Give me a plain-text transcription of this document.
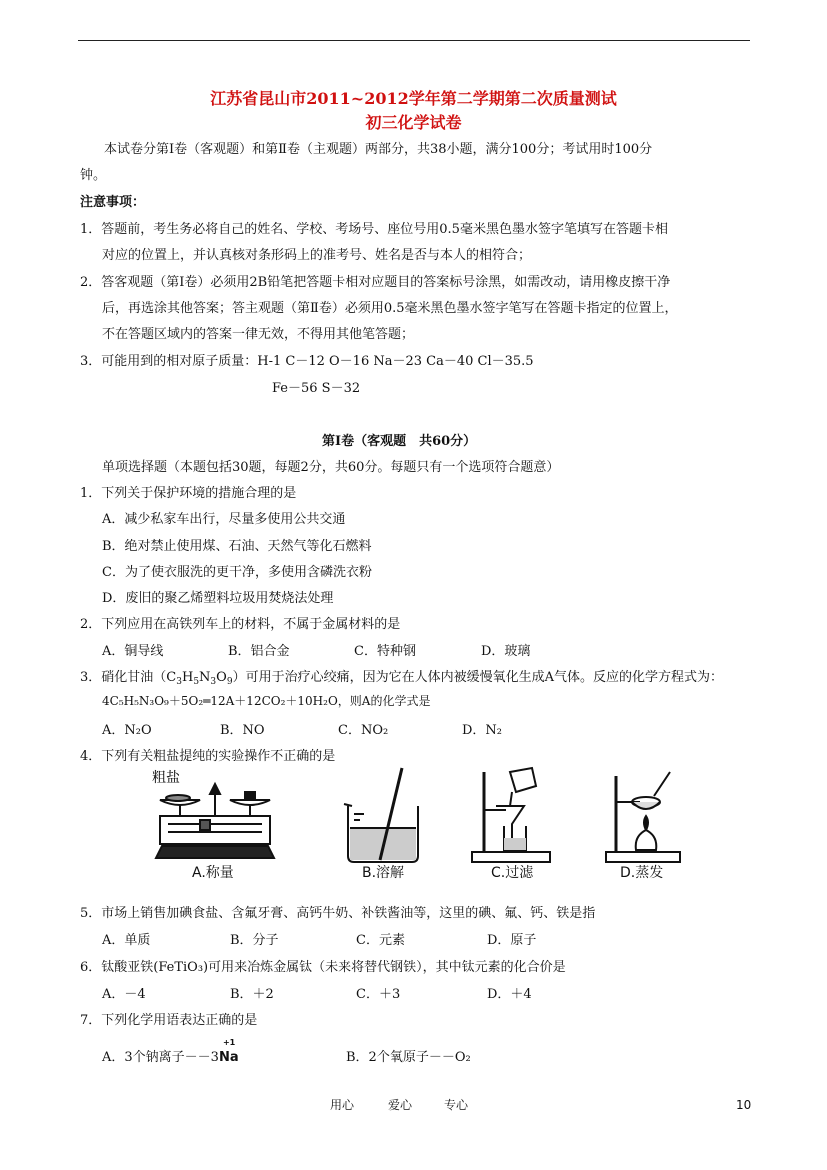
江苏省昆山市2011~2012学年第二学期第二次质量测试
初三化学试卷
本试卷分第Ⅰ卷（客观题）和第Ⅱ卷（主观题）两部分，共38小题，满分100分；考试用时100分
钟。
注意事项：
1．答题前，考生务必将自己的姓名、学校、考场号、座位号用0.5毫米黑色墨水签字笔填写在答题卡相
对应的位置上，并认真核对条形码上的准考号、姓名是否与本人的相符合；
2．答客观题（第Ⅰ卷）必须用2B铅笔把答题卡相对应题目的答案标号涂黑，如需改动，请用橡皮擦干净
后，再选涂其他答案；答主观题（第Ⅱ卷）必须用0.5毫米黑色墨水签字笔写在答题卡指定的位置上，
不在答题区域内的答案一律无效，不得用其他笔答题；
3．可能用到的相对原子质量：H-1 C－12 O－16 Na－23 Ca－40 Cl－35.5
Fe－56 S－32
第Ⅰ卷（客观题　共60分）
单项选择题（本题包括30题，每题2分，共60分。每题只有一个选项符合题意）
1．下列关于保护环境的措施合理的是
A．减少私家车出行，尽量多使用公共交通
B．绝对禁止使用煤、石油、天然气等化石燃料
C．为了使衣服洗的更干净，多使用含磷洗衣粉
D．废旧的聚乙烯塑料垃圾用焚烧法处理
2．下列应用在高铁列车上的材料，不属于金属材料的是
A．铜导线	B．铝合金	C．特种钢	D．玻璃
3．硝化甘油$(C_3H_5N_3O_9)$可用于治疗心绞痛，因为它在人体内被缓慢氧化生成A气体。反应的化学方程式为：
4C₅H₅N₃O₉＋5O₂═12A＋12CO₂＋10H₂O，则A的化学式是
A．N₂O	B．NO	C．NO₂	D．N₂
4．下列有关粗盐提纯的实验操作不正确的是
粗盐
A.称量	B.溶解	C.过滤	D.蒸发
5．市场上销售加碘食盐、含氟牙膏、高钙牛奶、补铁酱油等，这里的碘、氟、钙、铁是指
A．单质	B．分子	C．元素	D．原子
6．钛酸亚铁(FeTiO₃)可用来冶炼金属钛（未来将替代钢铁），其中钛元素的化合价是
A．－4	B．＋2	C．＋3	D．＋4
7．下列化学用语表达正确的是
A．3个钠离子－－3
+1
Na	B．2个氧原子－－O₂
用心	爱心	专心	10
